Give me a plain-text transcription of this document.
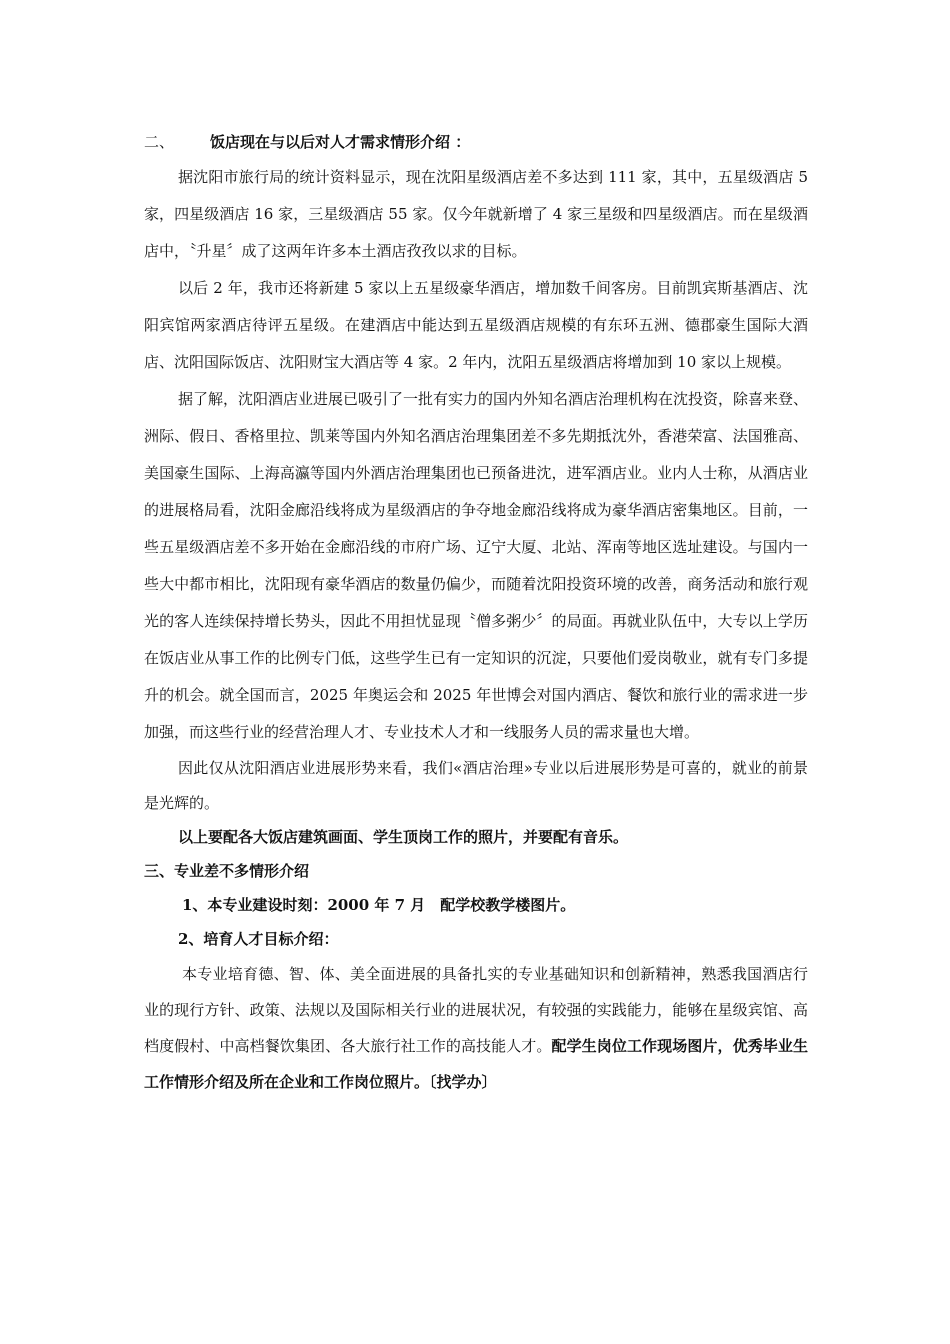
二、 饭店现在与以后对人才需求情形介绍 ：

据沈阳市旅行局的统计资料显示，现在沈阳星级酒店差不多达到 111 家，其中，五星级酒店 5 家，四星级酒店 16 家，三星级酒店 55 家。仅今年就新增了 4 家三星级和四星级酒店。而在星级酒店中，〝升星〞成了这两年许多本土酒店孜孜以求的目标。

以后 2 年，我市还将新建 5 家以上五星级豪华酒店，增加数千间客房。目前凯宾斯基酒店、沈阳宾馆两家酒店待评五星级。在建酒店中能达到五星级酒店规模的有东环五洲、德郡豪生国际大酒店、沈阳国际饭店、沈阳财宝大酒店等 4 家。2 年内，沈阳五星级酒店将增加到 10 家以上规模。

据了解，沈阳酒店业进展已吸引了一批有实力的国内外知名酒店治理机构在沈投资，除喜来登、洲际、假日、香格里拉、凯莱等国内外知名酒店治理集团差不多先期抵沈外，香港荣富、法国雅高、美国豪生国际、上海高瀛等国内外酒店治理集团也已预备进沈，进军酒店业。业内人士称，从酒店业的进展格局看，沈阳金廊沿线将成为星级酒店的争夺地金廊沿线将成为豪华酒店密集地区。目前，一些五星级酒店差不多开始在金廊沿线的市府广场、辽宁大厦、北站、浑南等地区选址建设。与国内一些大中都市相比，沈阳现有豪华酒店的数量仍偏少，而随着沈阳投资环境的改善，商务活动和旅行观光的客人连续保持增长势头，因此不用担忧显现〝僧多粥少〞的局面。再就业队伍中，大专以上学历在饭店业从事工作的比例专门低，这些学生已有一定知识的沉淀，只要他们爱岗敬业，就有专门多提升的机会。就全国而言，2025 年奥运会和 2025 年世博会对国内酒店、餐饮和旅行业的需求进一步加强，而这些行业的经营治理人才、专业技术人才和一线服务人员的需求量也大增。

因此仅从沈阳酒店业进展形势来看，我们«酒店治理»专业以后进展形势是可喜的，就业的前景是光辉的。

以上要配各大饭店建筑画面、学生顶岗工作的照片，并要配有音乐。

三、专业差不多情形介绍

1、本专业建设时刻：2000 年 7 月　配学校教学楼图片。

2、培育人才目标介绍：

本专业培育德、智、体、美全面进展的具备扎实的专业基础知识和创新精神，熟悉我国酒店行业的现行方针、政策、法规以及国际相关行业的进展状况，有较强的实践能力，能够在星级宾馆、高档度假村、中高档餐饮集团、各大旅行社工作的高技能人才。配学生岗位工作现场图片，优秀毕业生工作情形介绍及所在企业和工作岗位照片。〔找学办〕
